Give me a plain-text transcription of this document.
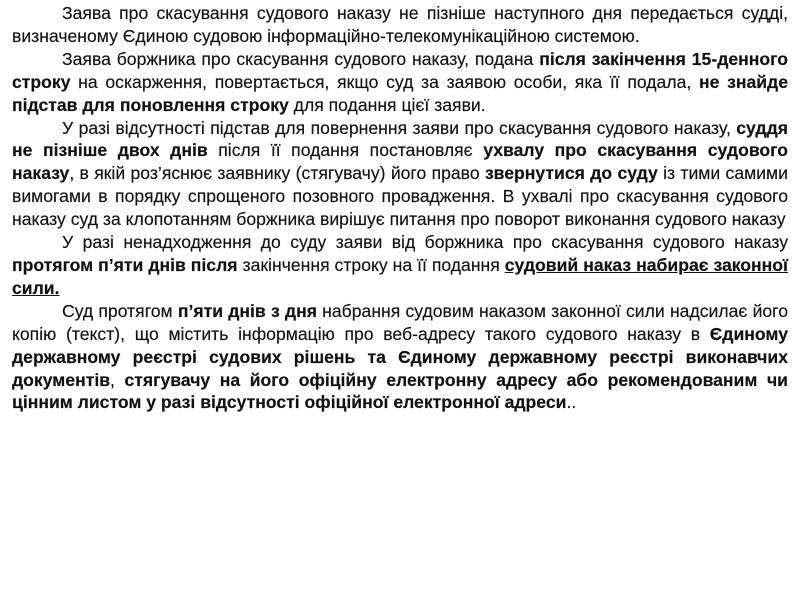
Заява про скасування судового наказу не пізніше наступного дня передається судді, визначеному Єдиною судовою інформаційно-телекомунікаційною системою.

Заява боржника про скасування судового наказу, подана після закінчення 15-денного строку на оскарження, повертається, якщо суд за заявою особи, яка її подала, не знайде підстав для поновлення строку для подання цієї заяви.

У разі відсутності підстав для повернення заяви про скасування судового наказу, суддя не пізніше двох днів після її подання постановляє ухвалу про скасування судового наказу, в якій роз’яснює заявнику (стягувачу) його право звернутися до суду із тими самими вимогами в порядку спрощеного позовного провадження. В ухвалі про скасування судового наказу суд за клопотанням боржника вирішує питання про поворот виконання судового наказу

У разі ненадходження до суду заяви від боржника про скасування судового наказу протягом п’яти днів після закінчення строку на її подання судовий наказ набирає законної сили.

Суд протягом п’яти днів з дня набрання судовим наказом законної сили надсилає його копію (текст), що містить інформацію про веб-адресу такого судового наказу в Єдиному державному реєстрі судових рішень та Єдиному державному реєстрі виконавчих документів, стягувачу на його офіційну електронну адресу або рекомендованим чи цінним листом у разі відсутності офіційної електронної адреси..
